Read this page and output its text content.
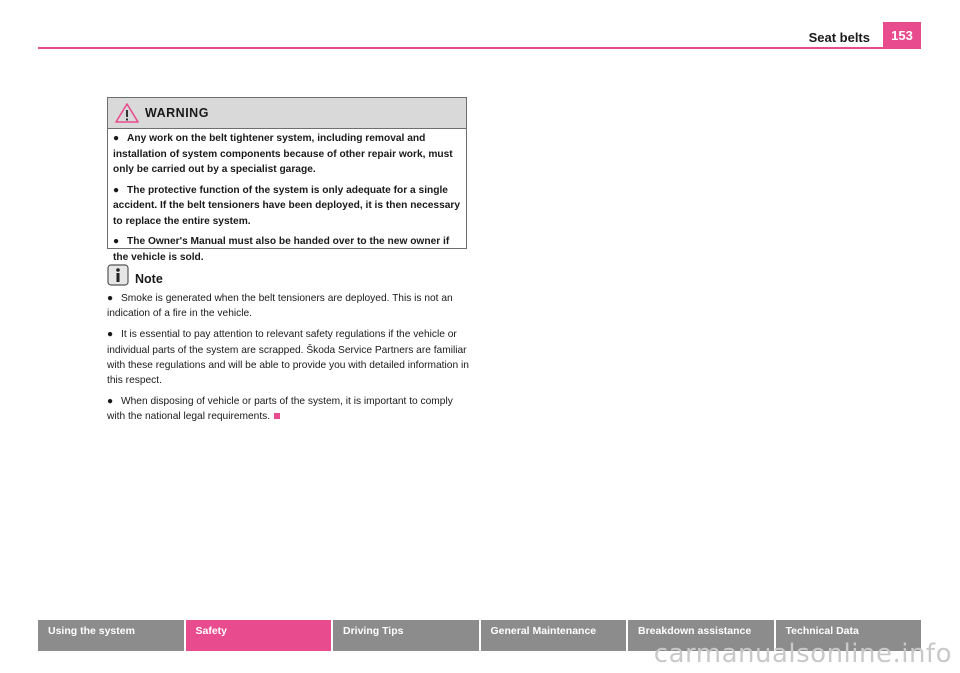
Seat belts	153
WARNING

● Any work on the belt tightener system, including removal and installation of system components because of other repair work, must only be carried out by a specialist garage.

● The protective function of the system is only adequate for a single accident. If the belt tensioners have been deployed, it is then necessary to replace the entire system.

● The Owner's Manual must also be handed over to the new owner if the vehicle is sold.

Note

● Smoke is generated when the belt tensioners are deployed. This is not an indication of a fire in the vehicle.

● It is essential to pay attention to relevant safety regulations if the vehicle or individual parts of the system are scrapped. Škoda Service Partners are familiar with these regulations and will be able to provide you with detailed information in this respect.

● When disposing of vehicle or parts of the system, it is important to comply with the national legal requirements.

Using the system	Safety	Driving Tips	General Maintenance	Breakdown assistance	Technical Data
carmanualsonline.info
